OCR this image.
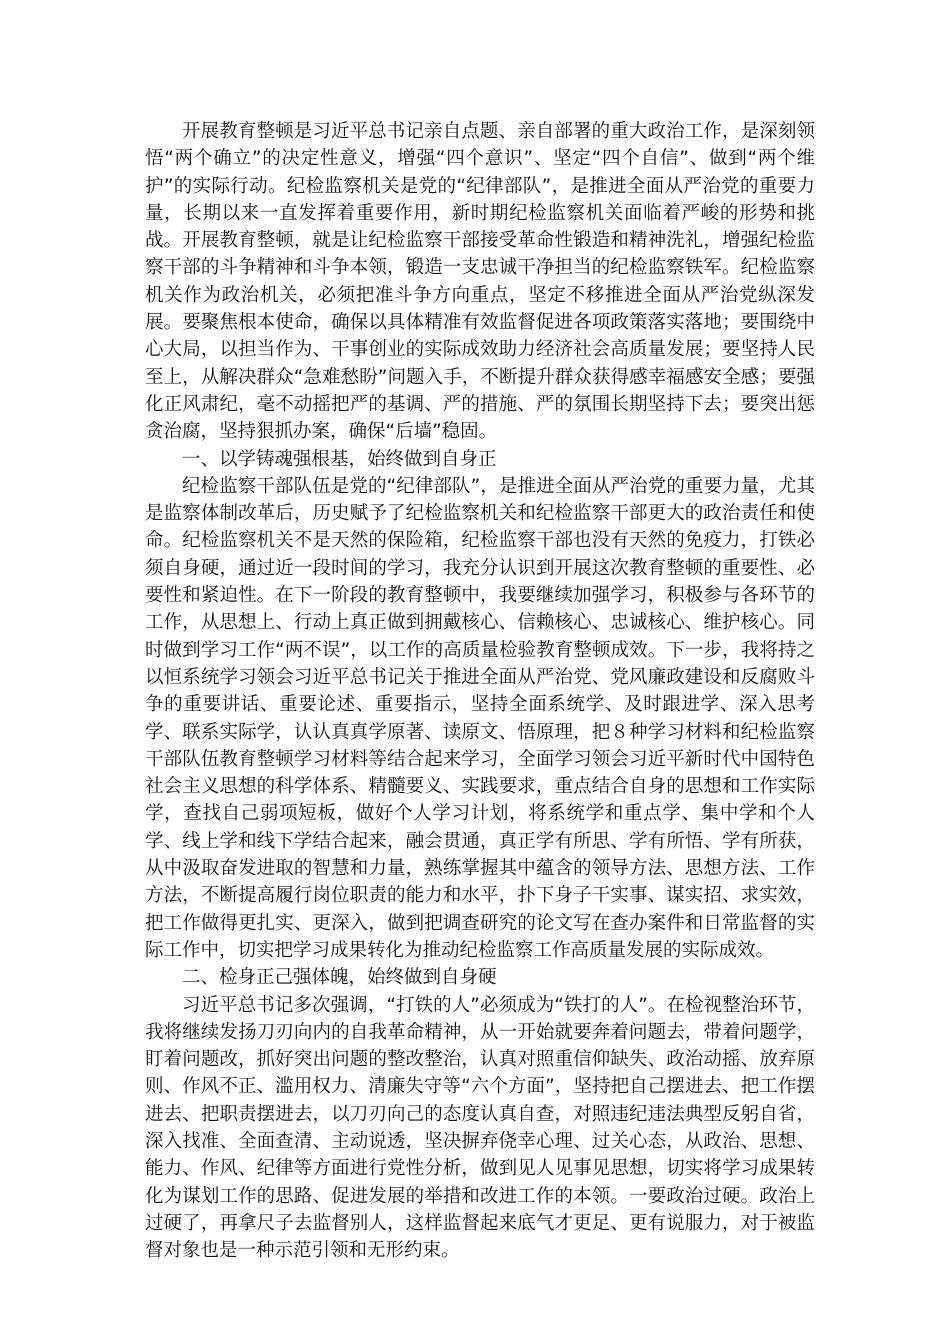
开展教育整顿是习近平总书记亲自点题、亲自部署的重大政治工作，是深刻领悟“两个确立”的决定性意义，增强“四个意识”、坚定“四个自信”、做到“两个维护”的实际行动。纪检监察机关是党的“纪律部队”，是推进全面从严治党的重要力量，长期以来一直发挥着重要作用，新时期纪检监察机关面临着严峻的形势和挑战。开展教育整顿，就是让纪检监察干部接受革命性锻造和精神洗礼，增强纪检监察干部的斗争精神和斗争本领，锻造一支忠诚干净担当的纪检监察铁军。纪检监察机关作为政治机关，必须把准斗争方向重点，坚定不移推进全面从严治党纵深发展。要聚焦根本使命，确保以具体精准有效监督促进各项政策落实落地；要围绕中心大局，以担当作为、干事创业的实际成效助力经济社会高质量发展；要坚持人民至上，从解决群众“急难愁盼”问题入手，不断提升群众获得感幸福感安全感；要强化正风肃纪，毫不动摇把严的基调、严的措施、严的氛围长期坚持下去；要突出惩贪治腐，坚持狠抓办案，确保“后墙”稳固。

一、以学铸魂强根基，始终做到自身正

纪检监察干部队伍是党的“纪律部队”，是推进全面从严治党的重要力量，尤其是监察体制改革后，历史赋予了纪检监察机关和纪检监察干部更大的政治责任和使命。纪检监察机关不是天然的保险箱，纪检监察干部也没有天然的免疫力，打铁必须自身硬，通过近一段时间的学习，我充分认识到开展这次教育整顿的重要性、必要性和紧迫性。在下一阶段的教育整顿中，我要继续加强学习，积极参与各环节的工作，从思想上、行动上真正做到拥戴核心、信赖核心、忠诚核心、维护核心。同时做到学习工作“两不误”，以工作的高质量检验教育整顿成效。下一步，我将持之以恒系统学习领会习近平总书记关于推进全面从严治党、党风廉政建设和反腐败斗争的重要讲话、重要论述、重要指示，坚持全面系统学、及时跟进学、深入思考学、联系实际学，认认真真学原著、读原文、悟原理，把８种学习材料和纪检监察干部队伍教育整顿学习材料等结合起来学习，全面学习领会习近平新时代中国特色社会主义思想的科学体系、精髓要义、实践要求，重点结合自身的思想和工作实际学，查找自己弱项短板，做好个人学习计划，将系统学和重点学、集中学和个人学、线上学和线下学结合起来，融会贯通，真正学有所思、学有所悟、学有所获，从中汲取奋发进取的智慧和力量，熟练掌握其中蕴含的领导方法、思想方法、工作方法，不断提高履行岗位职责的能力和水平，扑下身子干实事、谋实招、求实效，把工作做得更扎实、更深入，做到把调查研究的论文写在查办案件和日常监督的实际工作中，切实把学习成果转化为推动纪检监察工作高质量发展的实际成效。

二、检身正己强体魄，始终做到自身硬

习近平总书记多次强调，“打铁的人”必须成为“铁打的人”。在检视整治环节，我将继续发扬刀刃向内的自我革命精神，从一开始就要奔着问题去，带着问题学，盯着问题改，抓好突出问题的整改整治，认真对照重信仰缺失、政治动摇、放弃原则、作风不正、滥用权力、清廉失守等“六个方面”，坚持把自己摆进去、把工作摆进去、把职责摆进去，以刀刃向己的态度认真自查，对照违纪违法典型反躬自省，深入找准、全面查清、主动说透，坚决摒弃侥幸心理、过关心态，从政治、思想、能力、作风、纪律等方面进行党性分析，做到见人见事见思想，切实将学习成果转化为谋划工作的思路、促进发展的举措和改进工作的本领。一要政治过硬。政治上过硬了，再拿尺子去监督别人，这样监督起来底气才更足、更有说服力，对于被监督对象也是一种示范引领和无形约束。
